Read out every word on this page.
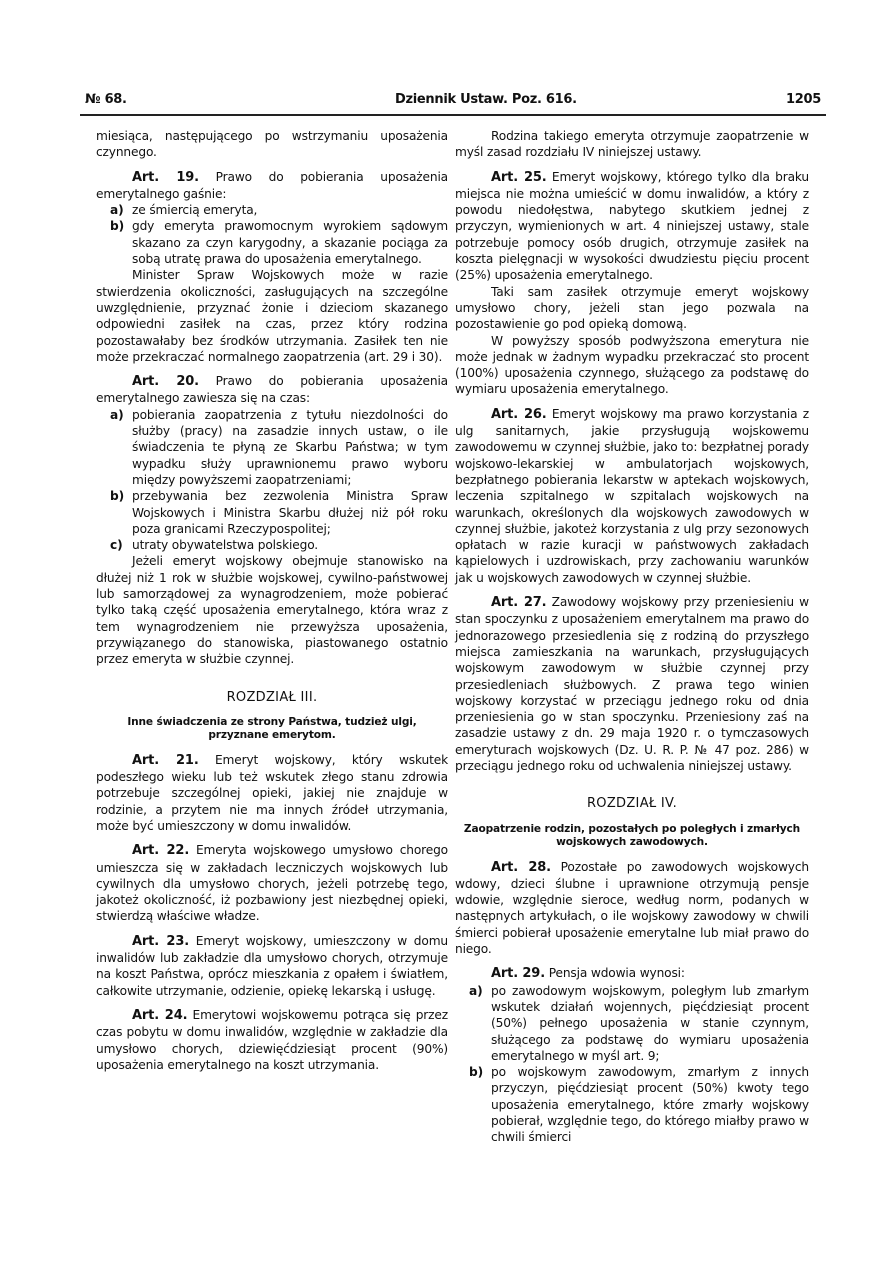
№ 68.	Dziennik Ustaw. Poz. 616.	1205

miesiąca, następującego po wstrzymaniu uposażenia czynnego.

Art. 19. Prawo do pobierania uposażenia emerytalnego gaśnie:

a) ze śmiercią emeryta,
b) gdy emeryta prawomocnym wyrokiem sądowym skazano za czyn karygodny, a skazanie pociąga za sobą utratę prawa do uposażenia emerytalnego.

Minister Spraw Wojskowych może w razie stwierdzenia okoliczności, zasługujących na szczególne uwzględnienie, przyznać żonie i dzieciom skazanego odpowiedni zasiłek na czas, przez który rodzina pozostawałaby bez środków utrzymania. Zasiłek ten nie może przekraczać normalnego zaopatrzenia (art. 29 i 30).

Art. 20. Prawo do pobierania uposażenia emerytalnego zawiesza się na czas:

a) pobierania zaopatrzenia z tytułu niezdolności do służby (pracy) na zasadzie innych ustaw, o ile świadczenia te płyną ze Skarbu Państwa; w tym wypadku służy uprawnionemu prawo wyboru między powyższemi zaopatrzeniami;
b) przebywania bez zezwolenia Ministra Spraw Wojskowych i Ministra Skarbu dłużej niż pół roku poza granicami Rzeczypospolitej;
c) utraty obywatelstwa polskiego.

Jeżeli emeryt wojskowy obejmuje stanowisko na dłużej niż 1 rok w służbie wojskowej, cywilno-państwowej lub samorządowej za wynagrodzeniem, może pobierać tylko taką część uposażenia emerytalnego, która wraz z tem wynagrodzeniem nie przewyższa uposażenia, przywiązanego do stanowiska, piastowanego ostatnio przez emeryta w służbie czynnej.

ROZDZIAŁ III.
Inne świadczenia ze strony Państwa, tudzież ulgi, przyznane emerytom.

Art. 21. Emeryt wojskowy, który wskutek podeszłego wieku lub też wskutek złego stanu zdrowia potrzebuje szczególnej opieki, jakiej nie znajduje w rodzinie, a przytem nie ma innych źródeł utrzymania, może być umieszczony w domu inwalidów.

Art. 22. Emeryta wojskowego umysłowo chorego umieszcza się w zakładach leczniczych wojskowych lub cywilnych dla umysłowo chorych, jeżeli potrzebę tego, jakoteż okoliczność, iż pozbawiony jest niezbędnej opieki, stwierdzą właściwe władze.

Art. 23. Emeryt wojskowy, umieszczony w domu inwalidów lub zakładzie dla umysłowo chorych, otrzymuje na koszt Państwa, oprócz mieszkania z opałem i światłem, całkowite utrzymanie, odzienie, opiekę lekarską i usługę.

Art. 24. Emerytowi wojskowemu potrąca się przez czas pobytu w domu inwalidów, względnie w zakładzie dla umysłowo chorych, dziewięćdziesiąt procent (90%) uposażenia emerytalnego na koszt utrzymania.

Rodzina takiego emeryta otrzymuje zaopatrzenie w myśl zasad rozdziału IV niniejszej ustawy.

Art. 25. Emeryt wojskowy, którego tylko dla braku miejsca nie można umieścić w domu inwalidów, a który z powodu niedołęstwa, nabytego skutkiem jednej z przyczyn, wymienionych w art. 4 niniejszej ustawy, stale potrzebuje pomocy osób drugich, otrzymuje zasiłek na koszta pielęgnacji w wysokości dwudziestu pięciu procent (25%) uposażenia emerytalnego.

Taki sam zasiłek otrzymuje emeryt wojskowy umysłowo chory, jeżeli stan jego pozwala na pozostawienie go pod opieką domową.

W powyższy sposób podwyższona emerytura nie może jednak w żadnym wypadku przekraczać sto procent (100%) uposażenia czynnego, służącego za podstawę do wymiaru uposażenia emerytalnego.

Art. 26. Emeryt wojskowy ma prawo korzystania z ulg sanitarnych, jakie przysługują wojskowemu zawodowemu w czynnej służbie, jako to: bezpłatnej porady wojskowo-lekarskiej w ambulatorjach wojskowych, bezpłatnego pobierania lekarstw w aptekach wojskowych, leczenia szpitalnego w szpitalach wojskowych na warunkach, określonych dla wojskowych zawodowych w czynnej służbie, jakoteż korzystania z ulg przy sezonowych opłatach w razie kuracji w państwowych zakładach kąpielowych i uzdrowiskach, przy zachowaniu warunków jak u wojskowych zawodowych w czynnej służbie.

Art. 27. Zawodowy wojskowy przy przeniesieniu w stan spoczynku z uposażeniem emerytalnem ma prawo do jednorazowego przesiedlenia się z rodziną do przyszłego miejsca zamieszkania na warunkach, przysługujących wojskowym zawodowym w służbie czynnej przy przesiedleniach służbowych. Z prawa tego winien wojskowy korzystać w przeciągu jednego roku od dnia przeniesienia go w stan spoczynku. Przeniesiony zaś na zasadzie ustawy z dn. 29 maja 1920 r. o tymczasowych emeryturach wojskowych (Dz. U. R. P. № 47 poz. 286) w przeciągu jednego roku od uchwalenia niniejszej ustawy.

ROZDZIAŁ IV.
Zaopatrzenie rodzin, pozostałych po poległych i zmarłych wojskowych zawodowych.

Art. 28. Pozostałe po zawodowych wojskowych wdowy, dzieci ślubne i uprawnione otrzymują pensje wdowie, względnie sieroce, według norm, podanych w następnych artykułach, o ile wojskowy zawodowy w chwili śmierci pobierał uposażenie emerytalne lub miał prawo do niego.

Art. 29. Pensja wdowia wynosi:

a) po zawodowym wojskowym, poległym lub zmarłym wskutek działań wojennych, pięćdziesiąt procent (50%) pełnego uposażenia w stanie czynnym, służącego za podstawę do wymiaru uposażenia emerytalnego w myśl art. 9;
b) po wojskowym zawodowym, zmarłym z innych przyczyn, pięćdziesiąt procent (50%) kwoty tego uposażenia emerytalnego, które zmarły wojskowy pobierał, względnie tego, do którego miałby prawo w chwili śmierci
